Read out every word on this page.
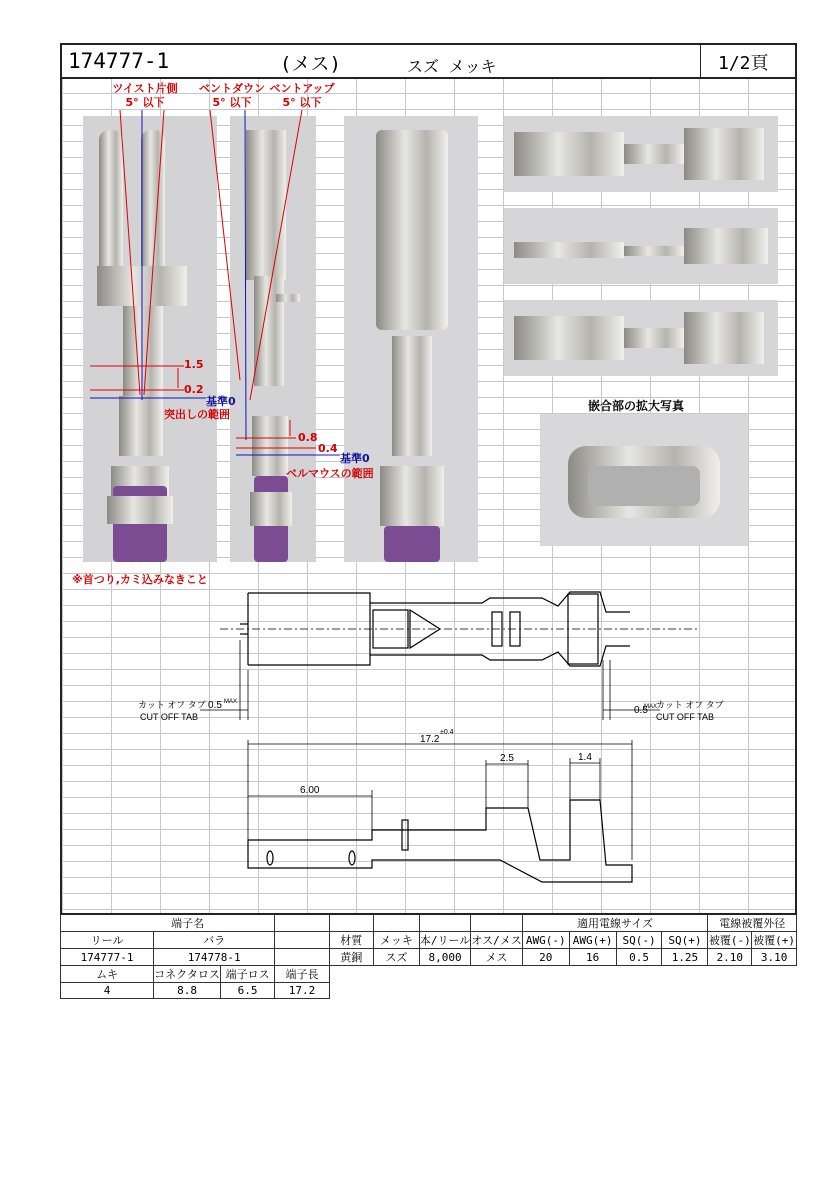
174777-1	(メス)	スズ メッキ	1/2頁
嵌合部の拡大写真
ツイスト片側
5° 以下
ベントダウン
5° 以下
ベントアップ
5° 以下
1.5
0.2
基準0
突出しの範囲
0.8
0.4
基準0
ベルマウスの範囲
※首つり,カミ込みなきこと
カット オフ タブ
CUT OFF TAB
0.5 MAX
0.5
MAX
カット オフ タブ
CUT OFF TAB
17.2
±0.4
6.00
2.5	1.4
端子名								適用電線サイズ				電線被覆外径	
リール	バラ			材質	メッキ	本/リール	オス/メス	AWG(-)	AWG(+)	SQ(-)	SQ(+)	被覆(-)	被覆(+)
174777-1	174778-1			黄銅	スズ	8,000	メス	20	16	0.5	1.25	2.10	3.10
ムキ	コネクタロス	端子ロス	端子長										
4	8.8	6.5	17.2										
